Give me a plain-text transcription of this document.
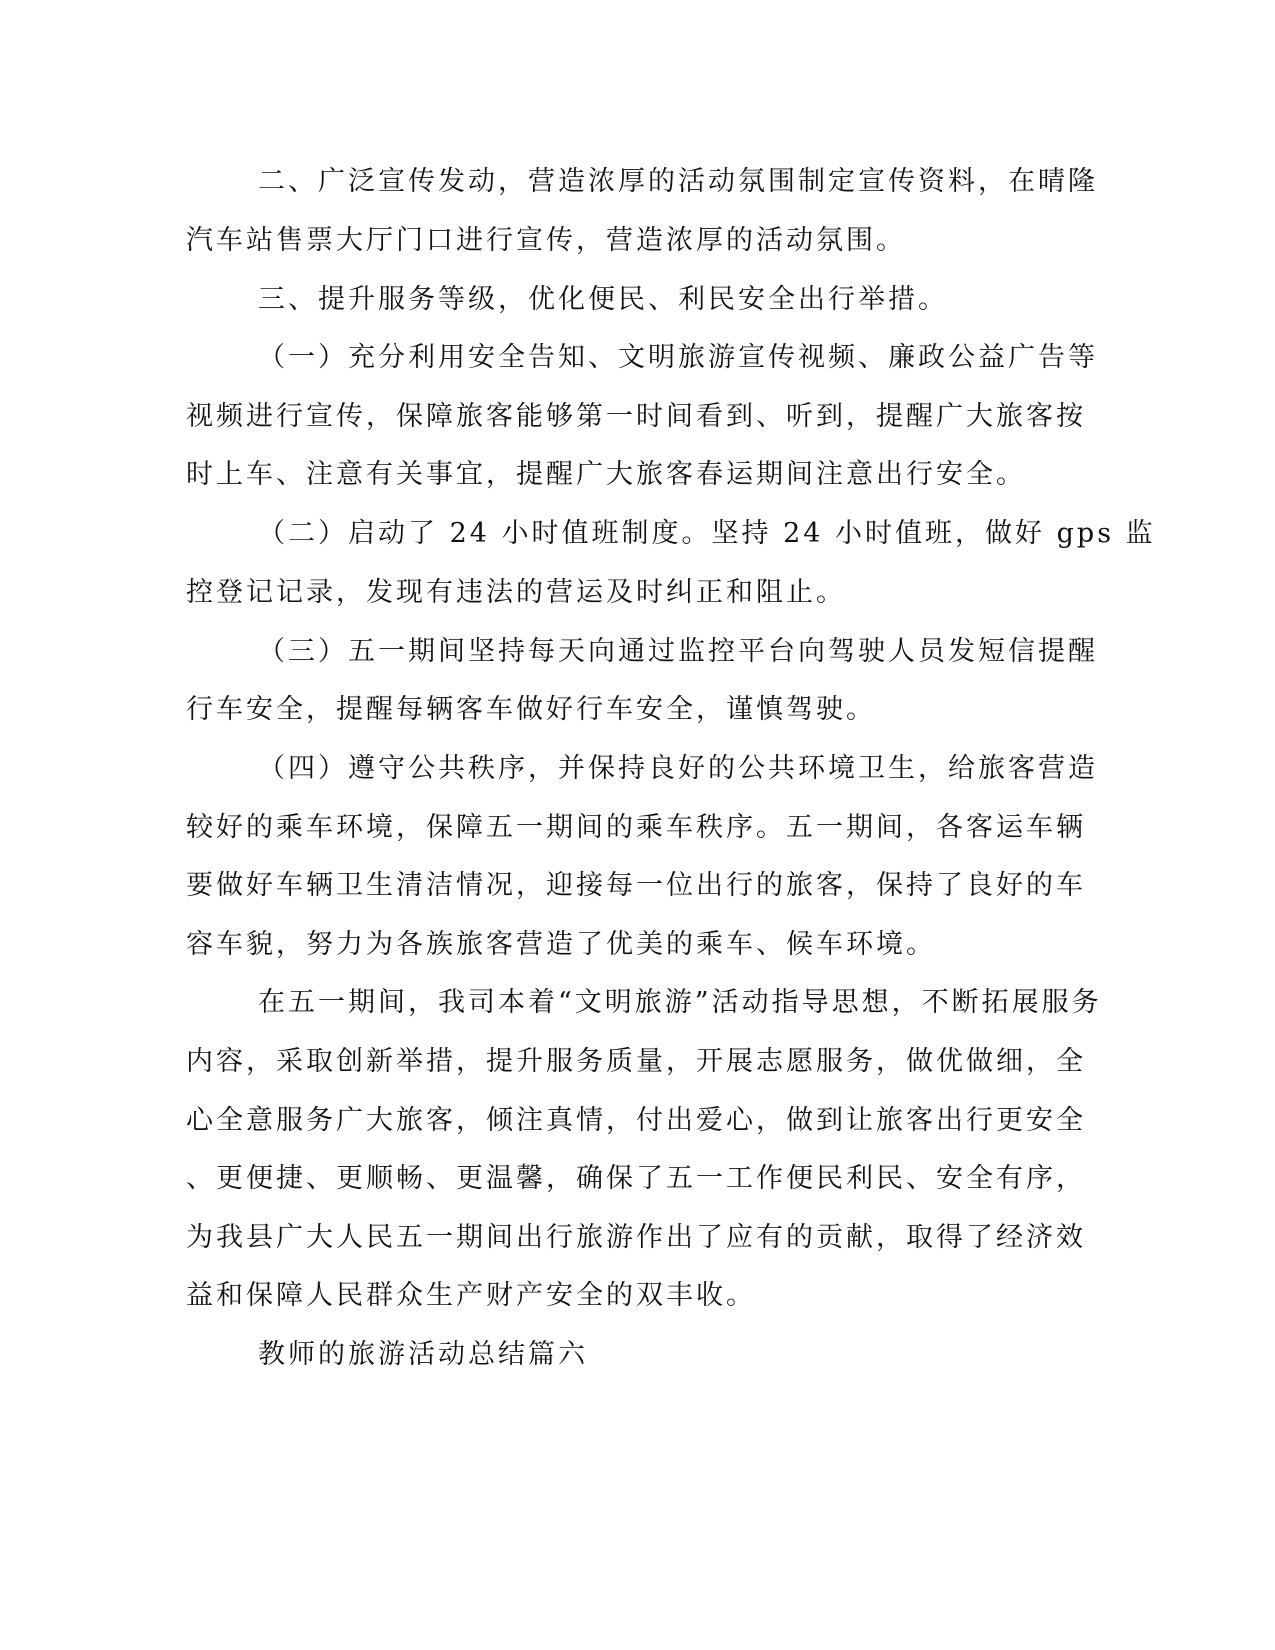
二、广泛宣传发动，营造浓厚的活动氛围制定宣传资料，在晴隆

汽车站售票大厅门口进行宣传，营造浓厚的活动氛围。

三、提升服务等级，优化便民、利民安全出行举措。

（一）充分利用安全告知、文明旅游宣传视频、廉政公益广告等

视频进行宣传，保障旅客能够第一时间看到、听到，提醒广大旅客按

时上车、注意有关事宜，提醒广大旅客春运期间注意出行安全。

（二）启动了 24 小时值班制度。坚持 24 小时值班，做好 gps 监

控登记记录，发现有违法的营运及时纠正和阻止。

（三）五一期间坚持每天向通过监控平台向驾驶人员发短信提醒

行车安全，提醒每辆客车做好行车安全，谨慎驾驶。

（四）遵守公共秩序，并保持良好的公共环境卫生，给旅客营造

较好的乘车环境，保障五一期间的乘车秩序。五一期间，各客运车辆

要做好车辆卫生清洁情况，迎接每一位出行的旅客，保持了良好的车

容车貌，努力为各族旅客营造了优美的乘车、候车环境。

在五一期间，我司本着“文明旅游”活动指导思想，不断拓展服务

内容，采取创新举措，提升服务质量，开展志愿服务，做优做细，全

心全意服务广大旅客，倾注真情，付出爱心，做到让旅客出行更安全

、更便捷、更顺畅、更温馨，确保了五一工作便民利民、安全有序，

为我县广大人民五一期间出行旅游作出了应有的贡献，取得了经济效

益和保障人民群众生产财产安全的双丰收。

教师的旅游活动总结篇六
